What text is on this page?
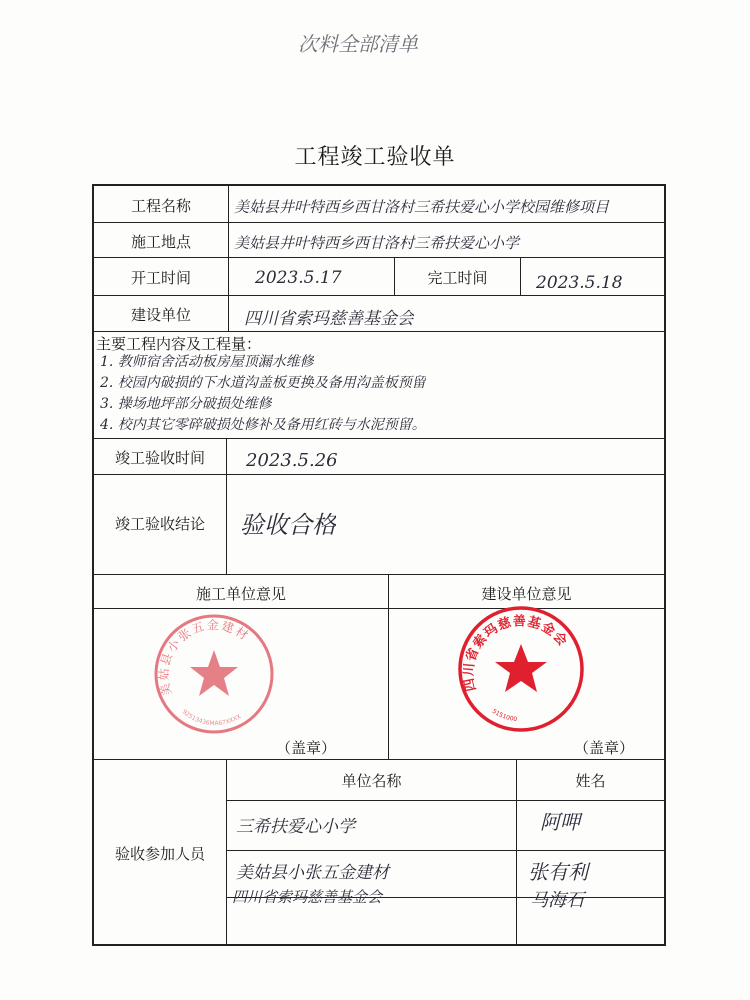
次料全部清单
工程竣工验收单
工程名称	美姑县井叶特西乡西甘洛村三希扶爱心小学校园维修项目
施工地点	美姑县井叶特西乡西甘洛村三希扶爱心小学
开工时间	2023.5.17	完工时间	2023.5.18
建设单位	四川省索玛慈善基金会
主要工程内容及工程量：
1. 教师宿舍活动板房屋顶漏水维修
2. 校园内破损的下水道沟盖板更换及备用沟盖板预留
3. 操场地坪部分破损处维修
4. 校内其它零碎破损处修补及备用红砖与水泥预留。
竣工验收时间	2023.5.26
竣工验收结论	验收合格
施工单位意见	建设单位意见
美姑县小张五金建材
92513436MA67XXXX
四川省索玛慈善基金会
5151000
（盖章）	（盖章）
验收参加人员
单位名称	姓名
三希扶爱心小学	阿呷
美姑县小张五金建材	张有利
四川省索玛慈善基金会	马海石
